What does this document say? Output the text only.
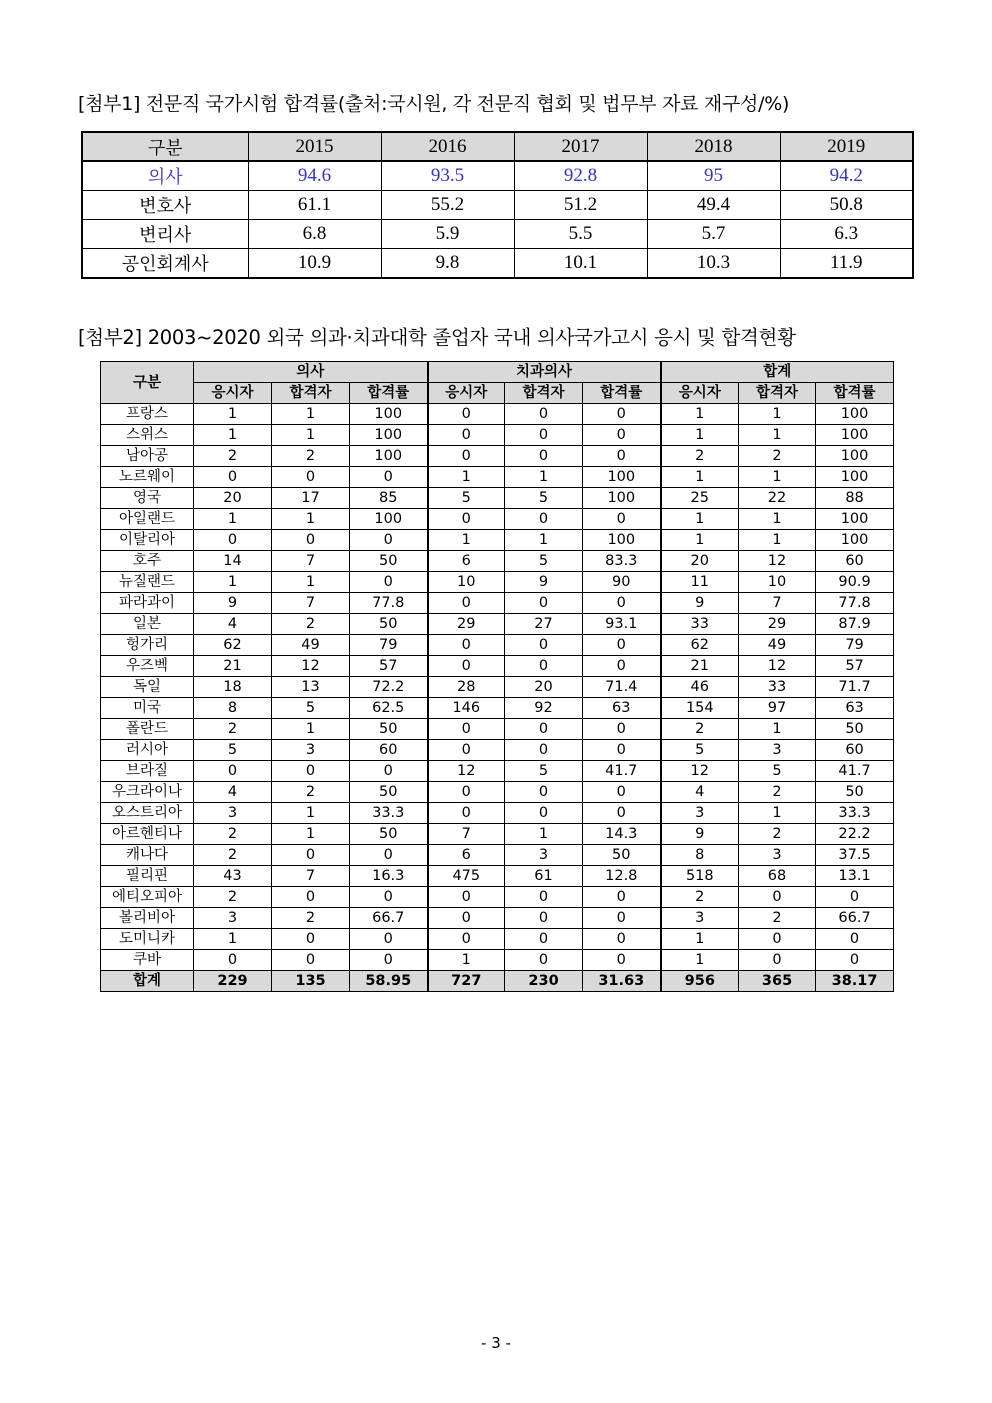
[첨부1] 전문직 국가시험 합격률(출처:국시원, 각 전문직 협회 및 법무부 자료 재구성/%)
구분	2015	2016	2017	2018	2019
의사	94.6	93.5	92.8	95	94.2
변호사	61.1	55.2	51.2	49.4	50.8
변리사	6.8	5.9	5.5	5.7	6.3
공인회계사	10.9	9.8	10.1	10.3	11.9
[첨부2] 2003~2020 외국 의과·치과대학 졸업자 국내 의사국가고시 응시 및 합격현황
구분	의사			치과의사			합계		
	응시자	합격자	합격률	응시자	합격자	합격률	응시자	합격자	합격률
프랑스	1	1	100	0	0	0	1	1	100
스위스	1	1	100	0	0	0	1	1	100
남아공	2	2	100	0	0	0	2	2	100
노르웨이	0	0	0	1	1	100	1	1	100
영국	20	17	85	5	5	100	25	22	88
아일랜드	1	1	100	0	0	0	1	1	100
이탈리아	0	0	0	1	1	100	1	1	100
호주	14	7	50	6	5	83.3	20	12	60
뉴질랜드	1	1	0	10	9	90	11	10	90.9
파라과이	9	7	77.8	0	0	0	9	7	77.8
일본	4	2	50	29	27	93.1	33	29	87.9
헝가리	62	49	79	0	0	0	62	49	79
우즈벡	21	12	57	0	0	0	21	12	57
독일	18	13	72.2	28	20	71.4	46	33	71.7
미국	8	5	62.5	146	92	63	154	97	63
폴란드	2	1	50	0	0	0	2	1	50
러시아	5	3	60	0	0	0	5	3	60
브라질	0	0	0	12	5	41.7	12	5	41.7
우크라이나	4	2	50	0	0	0	4	2	50
오스트리아	3	1	33.3	0	0	0	3	1	33.3
아르헨티나	2	1	50	7	1	14.3	9	2	22.2
캐나다	2	0	0	6	3	50	8	3	37.5
필리핀	43	7	16.3	475	61	12.8	518	68	13.1
에티오피아	2	0	0	0	0	0	2	0	0
볼리비아	3	2	66.7	0	0	0	3	2	66.7
도미니카	1	0	0	0	0	0	1	0	0
쿠바	0	0	0	1	0	0	1	0	0
합계	229	135	58.95	727	230	31.63	956	365	38.17
- 3 -
